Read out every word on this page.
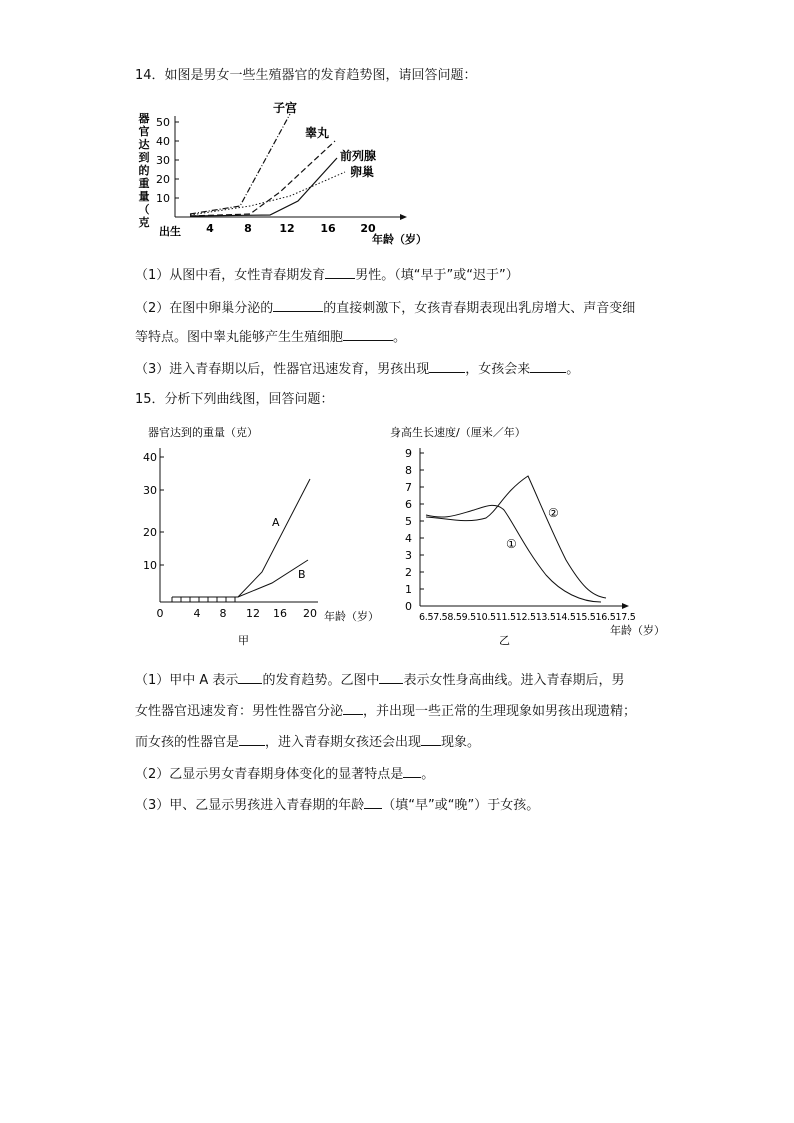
14．如图是男女一些生殖器官的发育趋势图，请回答问题：
器官达到的重量（克
10
20
30
40
50
出生 4	8	12 16 20
年龄（岁）
子宫
睾丸
前列腺
卵巢
（1）从图中看，女性青春期发育 男性。（填“早于”或“迟于”）
（2）在图中卵巢分泌的	的直接刺激下，女孩青春期表现出乳房增大、声音变细
等特点。图中睾丸能够产生生殖细胞	。
（3）进入青春期以后，性器官迅速发育，男孩出现	，女孩会来	。
15．分析下列曲线图，回答问题：
器官达到的重量（克）
10
20
30
40
0	4 8 12 16 20 年龄（岁）
A
B
甲
身高生长速度/（厘米／年）
0
1
2
3
4
5
6
7
8
9
6.57.58.59.510.511.512.513.514.515.516.517.5
年龄（岁）
②
①
乙
（1）甲中 A 表示 的发育趋势。乙图中 表示女性身高曲线。进入青春期后，男
女性器官迅速发育：男性性器官分泌 ，并出现一些正常的生理现象如男孩出现遗精；
而女孩的性器官是 ，进入青春期女孩还会出现 现象。
（2）乙显示男女青春期身体变化的显著特点是 。
（3）甲、乙显示男孩进入青春期的年龄 （填“早”或“晚”）于女孩。
